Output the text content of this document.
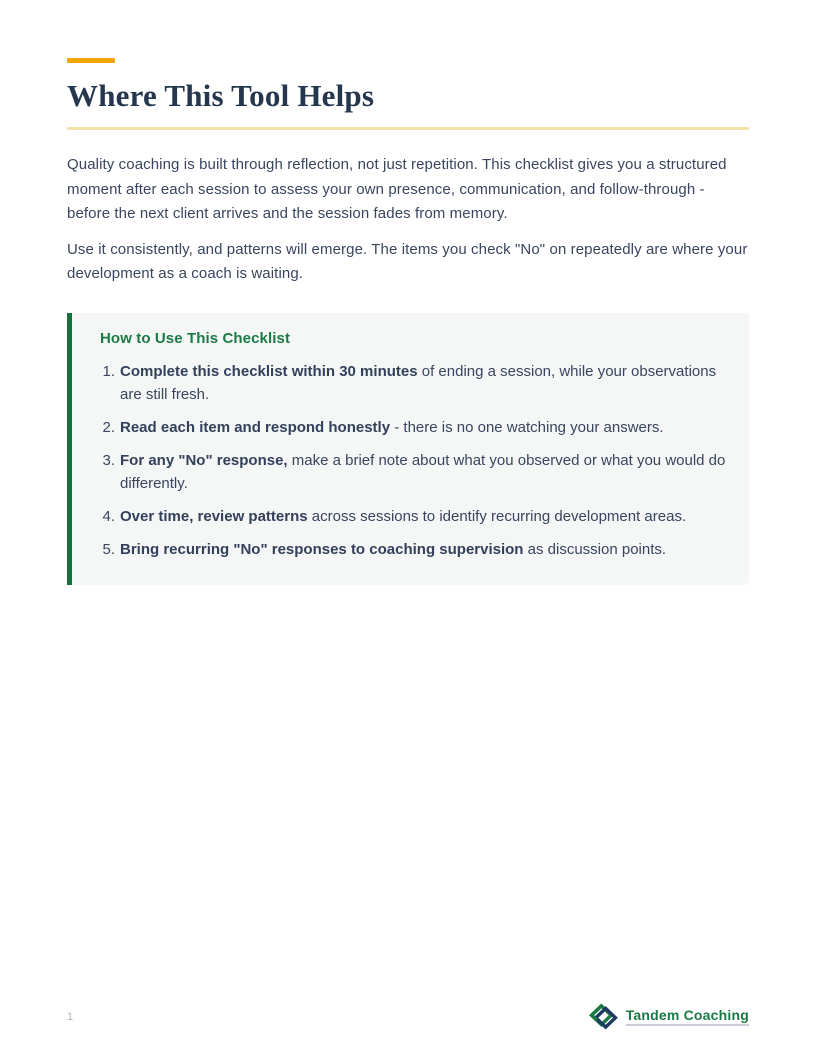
Where This Tool Helps

Quality coaching is built through reflection, not just repetition. This checklist gives you a structured moment after each session to assess your own presence, communication, and follow-through - before the next client arrives and the session fades from memory.

Use it consistently, and patterns will emerge. The items you check "No" on repeatedly are where your development as a coach is waiting.

How to Use This Checklist
1. Complete this checklist within 30 minutes of ending a session, while your observations are still fresh.
2. Read each item and respond honestly - there is no one watching your answers.
3. For any "No" response, make a brief note about what you observed or what you would do differently.
4. Over time, review patterns across sessions to identify recurring development areas.
5. Bring recurring "No" responses to coaching supervision as discussion points.
1	Tandem Coaching
